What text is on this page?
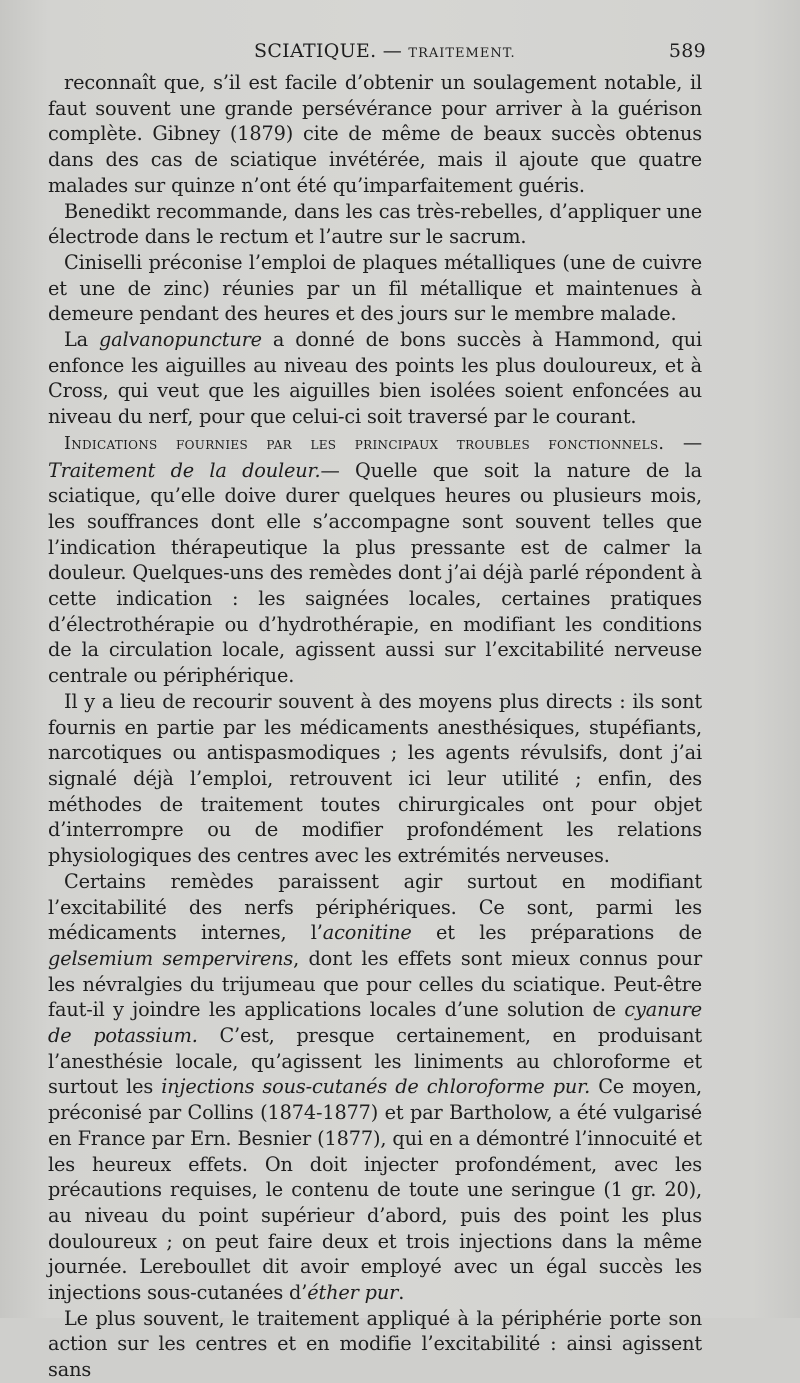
SCIATIQUE. — TRAITEMENT.	589

reconnaît que, s’il est facile d’obtenir un soulagement notable, il faut souvent une grande persévérance pour arriver à la guérison complète. Gibney (1879) cite de même de beaux succès obtenus dans des cas de sciatique invétérée, mais il ajoute que quatre malades sur quinze n’ont été qu’imparfaitement guéris.

Benedikt recommande, dans les cas très-rebelles, d’appliquer une électrode dans le rectum et l’autre sur le sacrum.

Ciniselli préconise l’emploi de plaques métalliques (une de cuivre et une de zinc) réunies par un fil métallique et maintenues à demeure pendant des heures et des jours sur le membre malade.

La galvanopuncture a donné de bons succès à Hammond, qui enfonce les aiguilles au niveau des points les plus douloureux, et à Cross, qui veut que les aiguilles bien isolées soient enfoncées au niveau du nerf, pour que celui-ci soit traversé par le courant.

Indications fournies par les principaux troubles fonctionnels. — Traitement de la douleur.— Quelle que soit la nature de la sciatique, qu’elle doive durer quelques heures ou plusieurs mois, les souffrances dont elle s’accompagne sont souvent telles que l’indication thérapeutique la plus pressante est de calmer la douleur. Quelques-uns des remèdes dont j’ai déjà parlé répondent à cette indication : les saignées locales, certaines pratiques d’électrothérapie ou d’hydrothérapie, en modifiant les conditions de la circulation locale, agissent aussi sur l’excitabilité nerveuse centrale ou périphérique.

Il y a lieu de recourir souvent à des moyens plus directs : ils sont fournis en partie par les médicaments anesthésiques, stupéfiants, narcotiques ou antispasmodiques ; les agents révulsifs, dont j’ai signalé déjà l’emploi, retrouvent ici leur utilité ; enfin, des méthodes de traitement toutes chirurgicales ont pour objet d’interrompre ou de modifier profondément les relations physiologiques des centres avec les extrémités nerveuses.

Certains remèdes paraissent agir surtout en modifiant l’excitabilité des nerfs périphériques. Ce sont, parmi les médicaments internes, l’aconitine et les préparations de gelsemium sempervirens, dont les effets sont mieux connus pour les névralgies du trijumeau que pour celles du sciatique. Peut-être faut-il y joindre les applications locales d’une solution de cyanure de potassium. C’est, presque certainement, en produisant l’anesthésie locale, qu’agissent les liniments au chloroforme et surtout les injections sous-cutanés de chloroforme pur. Ce moyen, préconisé par Collins (1874-1877) et par Bartholow, a été vulgarisé en France par Ern. Besnier (1877), qui en a démontré l’innocuité et les heureux effets. On doit injecter profondément, avec les précautions requises, le contenu de toute une seringue (1 gr. 20), au niveau du point supérieur d’abord, puis des point les plus douloureux ; on peut faire deux et trois injections dans la même journée. Lereboullet dit avoir employé avec un égal succès les injections sous-cutanées d’éther pur.

Le plus souvent, le traitement appliqué à la périphérie porte son action sur les centres et en modifie l’excitabilité : ainsi agissent sans
